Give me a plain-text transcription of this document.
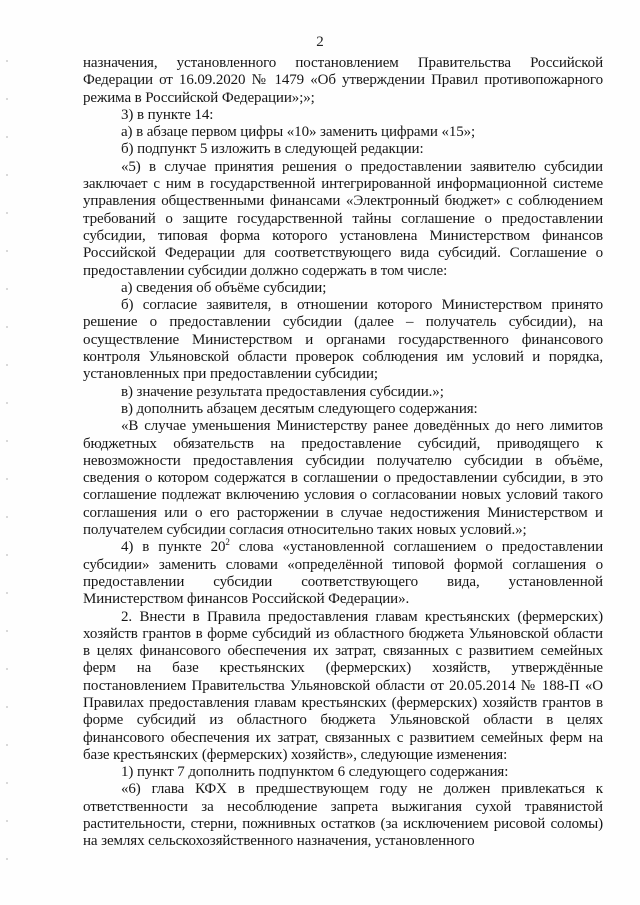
2

назначения, установленного постановлением Правительства Российской Федерации от 16.09.2020 № 1479 «Об утверждении Правил противопожарного режима в Российской Федерации»;»;

3) в пункте 14:

а) в абзаце первом цифры «10» заменить цифрами «15»;

б) подпункт 5 изложить в следующей редакции:

«5) в случае принятия решения о предоставлении заявителю субсидии заключает с ним в государственной интегрированной информационной системе управления общественными финансами «Электронный бюджет» с соблюдением требований о защите государственной тайны соглашение о предоставлении субсидии, типовая форма которого установлена Министерством финансов Российской Федерации для соответствующего вида субсидий. Соглашение о предоставлении субсидии должно содержать в том числе:

а) сведения об объёме субсидии;

б) согласие заявителя, в отношении которого Министерством принято решение о предоставлении субсидии (далее – получатель субсидии), на осуществление Министерством и органами государственного финансового контроля Ульяновской области проверок соблюдения им условий и порядка, установленных при предоставлении субсидии;

в) значение результата предоставления субсидии.»;

в) дополнить абзацем десятым следующего содержания:

«В случае уменьшения Министерству ранее доведённых до него лимитов бюджетных обязательств на предоставление субсидий, приводящего к невозможности предоставления субсидии получателю субсидии в объёме, сведения о котором содержатся в соглашении о предоставлении субсидии, в это соглашение подлежат включению условия о согласовании новых условий такого соглашения или о его расторжении в случае недостижения Министерством и получателем субсидии согласия относительно таких новых условий.»;

4) в пункте $20^2$ слова «установленной соглашением о предоставлении субсидии» заменить словами «определённой типовой формой соглашения о предоставлении субсидии соответствующего вида, установленной Министерством финансов Российской Федерации».

2. Внести в Правила предоставления главам крестьянских (фермерских) хозяйств грантов в форме субсидий из областного бюджета Ульяновской области в целях финансового обеспечения их затрат, связанных с развитием семейных ферм на базе крестьянских (фермерских) хозяйств, утверждённые постановлением Правительства Ульяновской области от 20.05.2014 № 188-П «О Правилах предоставления главам крестьянских (фермерских) хозяйств грантов в форме субсидий из областного бюджета Ульяновской области в целях финансового обеспечения их затрат, связанных с развитием семейных ферм на базе крестьянских (фермерских) хозяйств», следующие изменения:

1) пункт 7 дополнить подпунктом 6 следующего содержания:

«6) глава КФХ в предшествующем году не должен привлекаться к ответственности за несоблюдение запрета выжигания сухой травянистой растительности, стерни, пожнивных остатков (за исключением рисовой соломы) на землях сельскохозяйственного назначения, установленного
